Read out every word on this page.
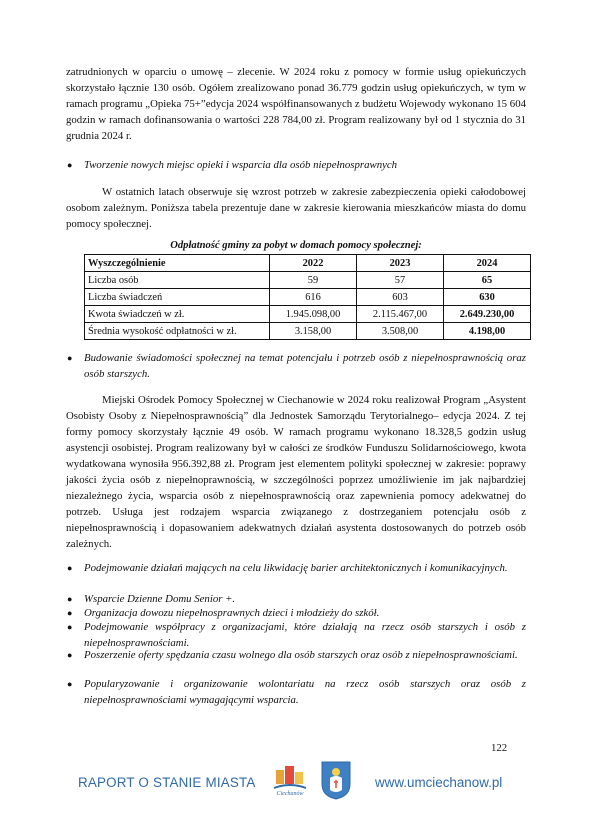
zatrudnionych w oparciu o umowę – zlecenie. W 2024 roku z pomocy w formie usług opiekuńczych skorzystało łącznie 130 osób. Ogółem zrealizowano ponad 36.779 godzin usług opiekuńczych, w tym w ramach programu „Opieka 75+”edycja 2024 współfinansowanych z budżetu Wojewody wykonano 15 604 godzin w ramach dofinansowania o wartości 228 784,00 zł. Program realizowany był od 1 stycznia do 31 grudnia 2024 r.
● Tworzenie nowych miejsc opieki i wsparcia dla osób niepełnosprawnych
W ostatnich latach obserwuje się wzrost potrzeb w zakresie zabezpieczenia opieki całodobowej osobom zależnym. Poniższa tabela prezentuje dane w zakresie kierowania mieszkańców miasta do domu pomocy społecznej.
Odpłatność gminy za pobyt w domach pomocy społecznej:
Wyszczególnienie	2022	2023	2024
Liczba osób	59	57	65
Liczba świadczeń	616	603	630
Kwota świadczeń w zł.	1.945.098,00	2.115.467,00	2.649.230,00
Średnia wysokość odpłatności w zł.	3.158,00	3.508,00	4.198,00
● Budowanie świadomości społecznej na temat potencjału i potrzeb osób z niepełnosprawnością oraz osób starszych.
Miejski Ośrodek Pomocy Społecznej w Ciechanowie w 2024 roku realizował Program „Asystent Osobisty Osoby z Niepełnosprawnością” dla Jednostek Samorządu Terytorialnego– edycja 2024. Z tej formy pomocy skorzystały łącznie 49 osób. W ramach programu wykonano 18.328,5 godzin usług asystencji osobistej. Program realizowany był w całości ze środków Funduszu Solidarnościowego, kwota wydatkowana wynosiła 956.392,88 zł. Program jest elementem polityki społecznej w zakresie: poprawy jakości życia osób z niepełnoprawnością, w szczególności poprzez umożliwienie im jak najbardziej niezależnego życia, wsparcia osób z niepełnosprawnością oraz zapewnienia pomocy adekwatnej do potrzeb. Usługa jest rodzajem wsparcia związanego z dostrzeganiem potencjału osób z niepełnosprawnością i dopasowaniem adekwatnych działań asystenta dostosowanych do potrzeb osób zależnych.
● Podejmowanie działań mających na celu likwidację barier architektonicznych i komunikacyjnych.
● Wsparcie Dzienne Domu Senior +.
● Organizacja dowozu niepełnosprawnych dzieci i młodzieży do szkół.
● Podejmowanie współpracy z organizacjami, które działają na rzecz osób starszych i osób z niepełnosprawnościami.
● Poszerzenie oferty spędzania czasu wolnego dla osób starszych oraz osób z niepełnosprawnościami.
● Popularyzowanie i organizowanie wolontariatu na rzecz osób starszych oraz osób z niepełnosprawnościami wymagającymi wsparcia.
122
RAPORT O STANIE MIASTA
Ciechanów
www.umciechanow.pl
